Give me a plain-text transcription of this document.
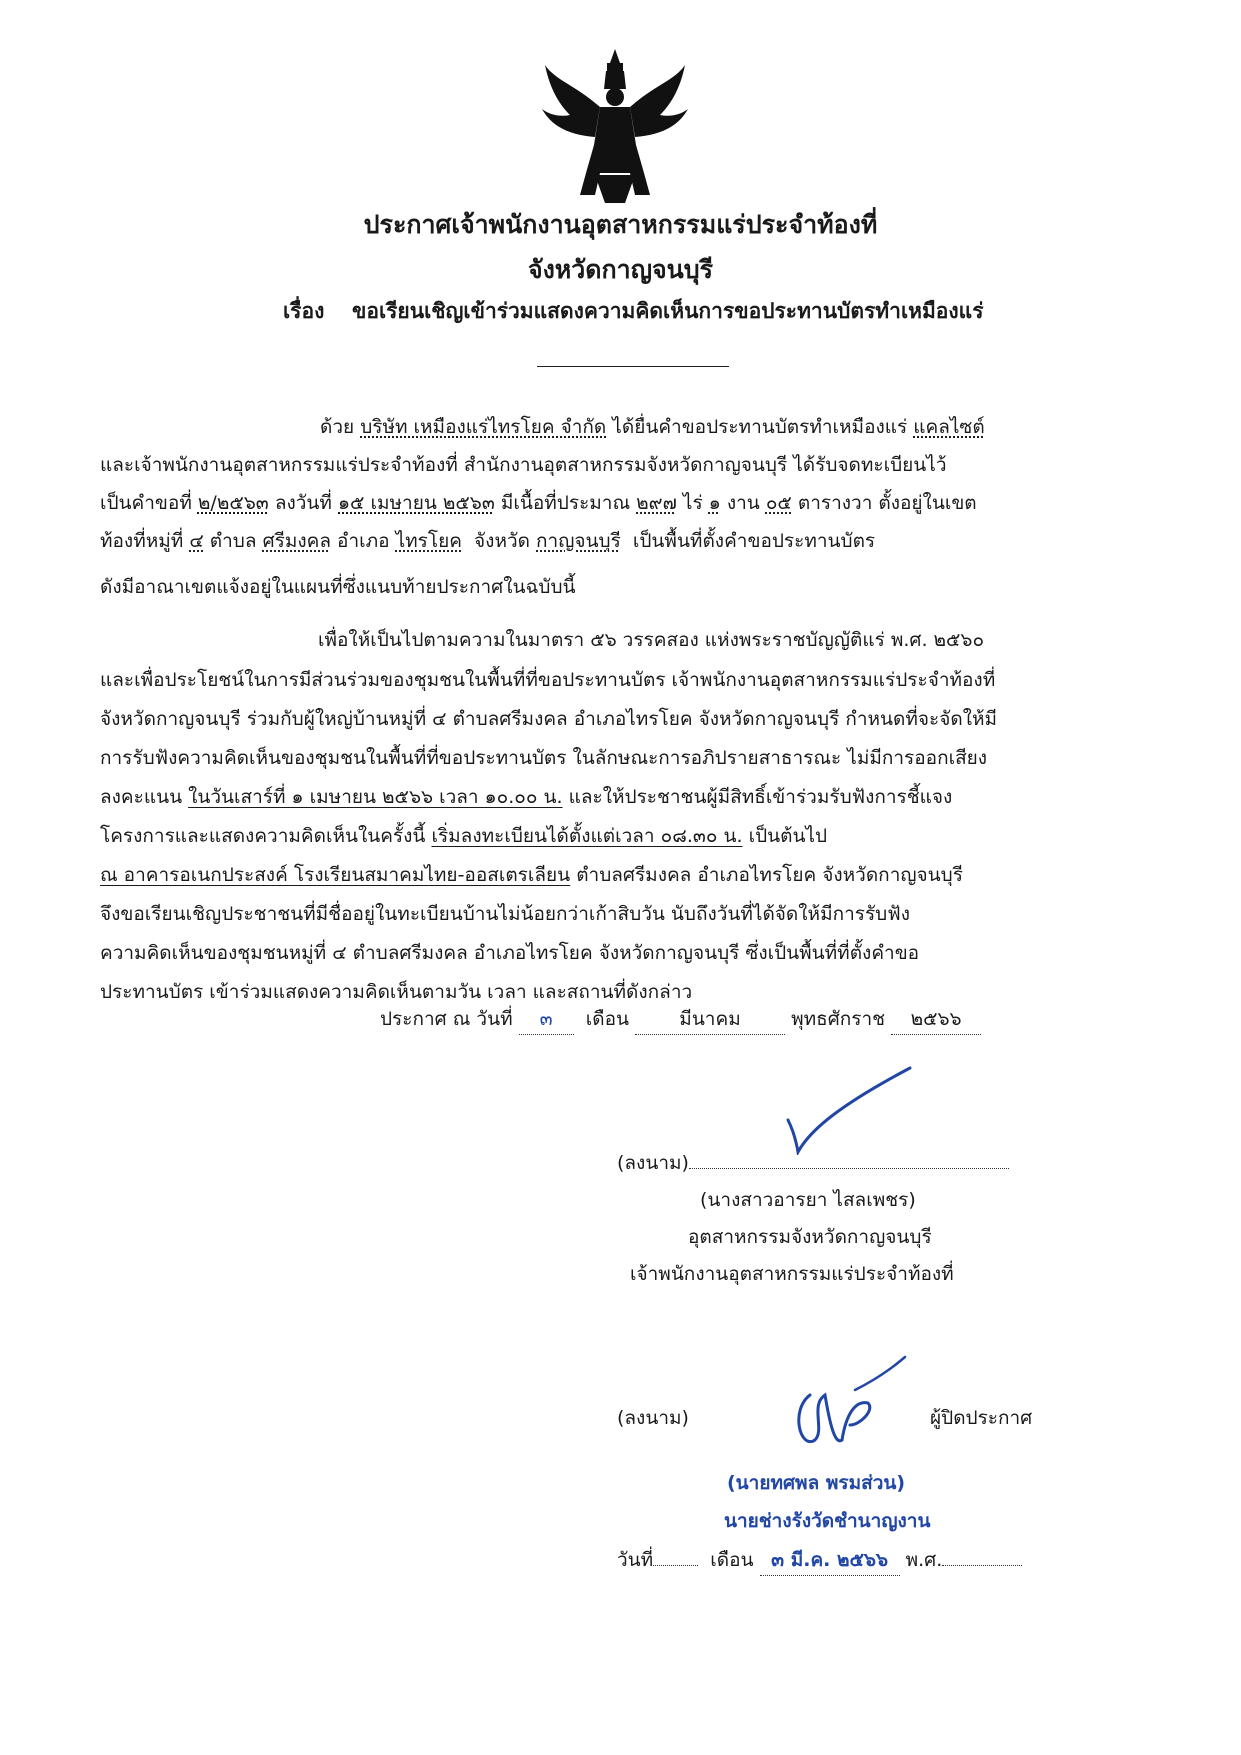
ประกาศเจ้าพนักงานอุตสาหกรรมแร่ประจำท้องที่
จังหวัดกาญจนบุรี
เรื่อง ขอเรียนเชิญเข้าร่วมแสดงความคิดเห็นการขอประทานบัตรทำเหมืองแร่
ด้วย บริษัท เหมืองแร่ไทรโยค จำกัด ได้ยื่นคำขอประทานบัตรทำเหมืองแร่ แคลไซต์
และเจ้าพนักงานอุตสาหกรรมแร่ประจำท้องที่ สำนักงานอุตสาหกรรมจังหวัดกาญจนบุรี ได้รับจดทะเบียนไว้
เป็นคำขอที่ ๒/๒๕๖๓ ลงวันที่ ๑๕ เมษายน ๒๕๖๓ มีเนื้อที่ประมาณ ๒๙๗ ไร่ ๑ งาน ๐๕ ตารางวา ตั้งอยู่ในเขต
ท้องที่หมู่ที่ ๔ ตำบล ศรีมงคล อำเภอ ไทรโยค จังหวัด กาญจนบุรี เป็นพื้นที่ตั้งคำขอประทานบัตร
ดังมีอาณาเขตแจ้งอยู่ในแผนที่ซึ่งแนบท้ายประกาศในฉบับนี้
เพื่อให้เป็นไปตามความในมาตรา ๕๖ วรรคสอง แห่งพระราชบัญญัติแร่ พ.ศ. ๒๕๖๐
และเพื่อประโยชน์ในการมีส่วนร่วมของชุมชนในพื้นที่ที่ขอประทานบัตร เจ้าพนักงานอุตสาหกรรมแร่ประจำท้องที่
จังหวัดกาญจนบุรี ร่วมกับผู้ใหญ่บ้านหมู่ที่ ๔ ตำบลศรีมงคล อำเภอไทรโยค จังหวัดกาญจนบุรี กำหนดที่จะจัดให้มี
การรับฟังความคิดเห็นของชุมชนในพื้นที่ที่ขอประทานบัตร ในลักษณะการอภิปรายสาธารณะ ไม่มีการออกเสียง
ลงคะแนน ในวันเสาร์ที่ ๑ เมษายน ๒๕๖๖ เวลา ๑๐.๐๐ น. และให้ประชาชนผู้มีสิทธิ์เข้าร่วมรับฟังการชี้แจง
โครงการและแสดงความคิดเห็นในครั้งนี้ เริ่มลงทะเบียนได้ตั้งแต่เวลา ๐๘.๓๐ น. เป็นต้นไป
ณ อาคารอเนกประสงค์ โรงเรียนสมาคมไทย-ออสเตรเลียน ตำบลศรีมงคล อำเภอไทรโยค จังหวัดกาญจนบุรี
จึงขอเรียนเชิญประชาชนที่มีชื่ออยู่ในทะเบียนบ้านไม่น้อยกว่าเก้าสิบวัน นับถึงวันที่ได้จัดให้มีการรับฟัง
ความคิดเห็นของชุมชนหมู่ที่ ๔ ตำบลศรีมงคล อำเภอไทรโยค จังหวัดกาญจนบุรี ซึ่งเป็นพื้นที่ที่ตั้งคำขอ
ประทานบัตร เข้าร่วมแสดงความคิดเห็นตามวัน เวลา และสถานที่ดังกล่าว
ประกาศ ณ วันที่ ๓ เดือน	มีนาคม	พุทธศักราช ๒๕๖๖
(ลงนาม)
(นางสาวอารยา ไสลเพชร)
อุตสาหกรรมจังหวัดกาญจนบุรี
เจ้าพนักงานอุตสาหกรรมแร่ประจำท้องที่
(ลงนาม)	ผู้ปิดประกาศ
(นายทศพล พรมส่วน)
นายช่างรังวัดชำนาญงาน
วันที่	เดือน ๓ มี.ค. ๒๕๖๖ พ.ศ.
